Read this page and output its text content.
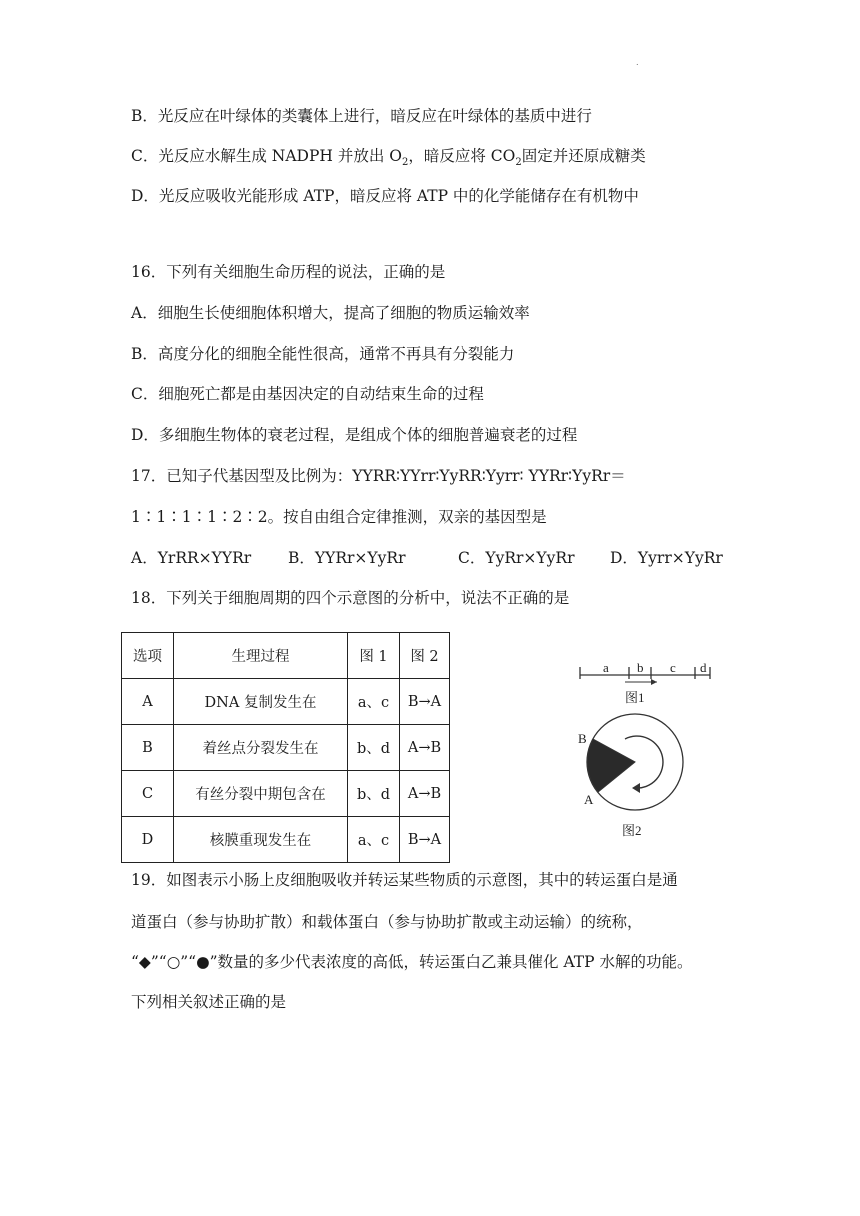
.
B．光反应在叶绿体的类囊体上进行，暗反应在叶绿体的基质中进行
C．光反应水解生成 NADPH 并放出 $O_2$，暗反应将 $CO_2$固定并还原成糖类
D．光反应吸收光能形成 ATP，暗反应将 ATP 中的化学能储存在有机物中
16．下列有关细胞生命历程的说法，正确的是
A．细胞生长使细胞体积增大，提高了细胞的物质运输效率
B．高度分化的细胞全能性很高，通常不再具有分裂能力
C．细胞死亡都是由基因决定的自动结束生命的过程
D．多细胞生物体的衰老过程，是组成个体的细胞普遍衰老的过程
17．已知子代基因型及比例为：YYRR∶YYrr∶YyRR∶Yyrr∶ YYRr∶YyRr＝
1∶1∶1∶1∶2∶2。按自由组合定律推测，双亲的基因型是
A．YrRR×YYRr B．YYRr×YyRr	C．YyRr×YyRr D．Yyrr×YyRr
18．下列关于细胞周期的四个示意图的分析中，说法不正确的是
选项	生理过程	图 1	图 2
A	DNA 复制发生在	a、c	B→A
B	着丝点分裂发生在	b、d	A→B
C	有丝分裂中期包含在	b、d	A→B
D	核膜重现发生在	a、c	B→A
a b c d
图1
B
A
图2
19．如图表示小肠上皮细胞吸收并转运某些物质的示意图，其中的转运蛋白是通
道蛋白（参与协助扩散）和载体蛋白（参与协助扩散或主动运输）的统称，
“◆”“○”“●”数量的多少代表浓度的高低，转运蛋白乙兼具催化 ATP 水解的功能。
下列相关叙述正确的是
